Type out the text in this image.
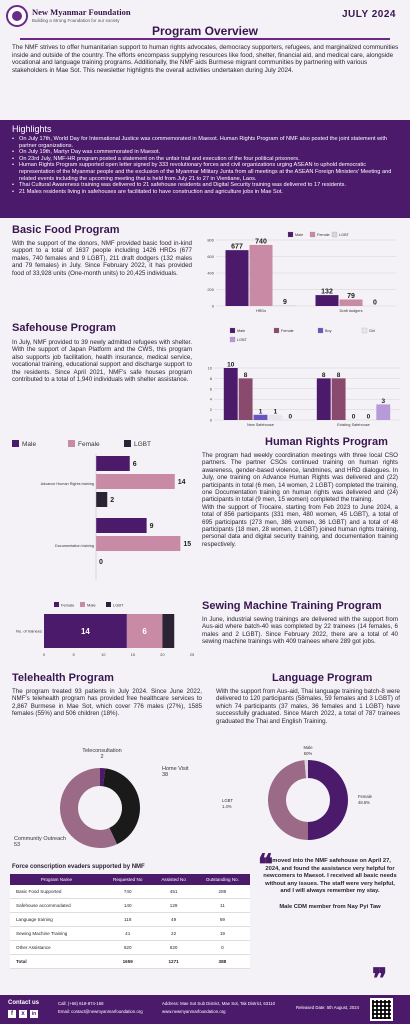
New Myanmar Foundation
Building a Strong Foundation for our society
JULY 2024
Program Overview
The NMF strives to offer humanitarian support to human rights advocates, democracy supporters, refugees, and marginalized communities inside and outside of the country. The efforts encompass supplying resources like food, shelter, financial aid, and medical care, alongside vocational and language training programs. Additionally, the NMF aids Burmese migrant communities by partnering with various stakeholders in Mae Sot. This newsletter highlights the overall activities undertaken during July 2024.
Highlights
• On July 17th, World Day for International Justice was commemorated in Maesot. Human Rights Program of NMF also posted the joint statement with partner organizations.
• On July 19th, Martyr Day was commemorated in Maesot.
• On 23rd July, NMF-HR program posted a statement on the unfair trail and execution of the four political prisoners.
• Human Rights Program supported open letter signed by 333 revolutionary forces and civil organizations urging ASEAN to uphold democratic representation of the Myanmar people and the exclusion of the Myanmar Military Junta from all meetings at the ASEAN Foreign Ministers' Meeting and related events including the upcoming meeting that is held from July 21 to 27 in Vientiane, Laos.
• Thai Cultural Awareness training was delivered to 21 safehouse residents and Digital Security training was delivered to 17 residents.
• 21 Males residents living in safehouses are facilitated to have construction and agriculture jobs in Mae Sot.
Basic Food Program
With the support of the donors, NMF provided basic food in-kind support to a total of 1637 people including 1426 HRDs (677 males, 740 females and 9 LGBT), 211 draft dodgers (132 males and 79 females) in July. Since February 2022, it has provided food of 33,928 units (One-month units) to 20,425 individuals.
0
200
400
600
800
677
740
9
HRDs
132
79
0
Draft dodgers
Male	Female LGBT
Safehouse Program
In July, NMF provided to 39 newly admitted refugees with shelter. With the support of Japan Platform and the CWS, this program also supports job facilitation, health insurance, medical service, vocational training, educational support and discharge support to the residents. Since April 2021, NMF's safe houses program contributed to a total of 1,940 individuals with shelter assistance.
0
2
4
6
8
10 10
8
1 1
0
New Safehouse
8 8
0 0
3
Existing Safehouse
Male	Female	Boy	Girl
LGBT
Male	Female	LGBT
6
14
2
Advance Human Rights training
9
15
0
Documentation training
Human Rights Program
The program had weekly coordination meetings with three local CSO partners. The partner CSOs continued training on human rights awareness, gender-based violence, landmines, and HRD dialogues. In July, one training on Advance Human Rights was delivered and (22) participants in total (6 men, 14 women, 2 LGBT) completed the training, one Documentation training on human rights was delivered and (24) participants in total (9 men, 15 women) completed the training.
With the support of Trocaire, starting from Feb 2023 to June 2024, a total of 856 participants (331 men, 480 women, 45 LGBT), a total of 695 participants (273 men, 386 women, 36 LGBT) and a total of 48 participants (18 men, 28 women, 2 LGBT) joined human rights training, personal data and digital security training, and documentation training respectively.
Female	Male	LGBT
14	6
No. of trainees
0	5	10	15	20	25
Sewing Machine Training Program
In June, industrial sewing trainings are delivered with the support from Aus-aid where batch-40 was completed by 22 trainees (14 females, 6 males and 2 LGBT). Since February 2022, there are a total of 40 sewing machine trainings with 409 trainees where 289 got jobs.
Telehealth Program
The program treated 93 patients in July 2024. Since June 2022, NMF's telehealth program has provided free healthcare services to 2,867 Burmese in Mae Sot, which cover 776 males (27%), 1585 females (55%) and 506 children (18%).
Teleconsultation 2
Home Visit 38
Community Outreach 53
Language Program
With the support from Aus-aid, Thai language training batch-8 were delivered to 120 participants (58males, 59 females and 3 LGBT) of which 74 participants (37 males, 36 females and 1 LGBT) have successfully graduated. Since March 2022, a total of 787 trainees graduated the Thai and English Training.
Male 50%
Female 48.6%
LGBT 1.4%
Force conscription evaders supported by NMF
Program Name	Requested No	Assisted No	Outstanding No.
Basic Food Supported	740	451	289
Safehouse accommodated	140	129	11
Language training	118	49	69
Sewing Machine Training	41	22	19
Other Assistance	620	620	0
Total	1659	1271	388
❝
I moved into the NMF safehouse on April 27, 2024, and found the assistance very helpful for newcomers to Maesot. I received all basic needs without any issues. The staff were very helpful, and I will always remember my stay.
Male CDM member from Nay Pyi Taw
❞
Contact us
f	x	in
Call: (+66) 618-874-168
Email: contact@newmyanmarfoundation.org
Address: Mae Sot Sub District, Mae Sot, Tak District, 63110
www.newmyanmarfoundation.org
Released Date: 5th August, 2024
